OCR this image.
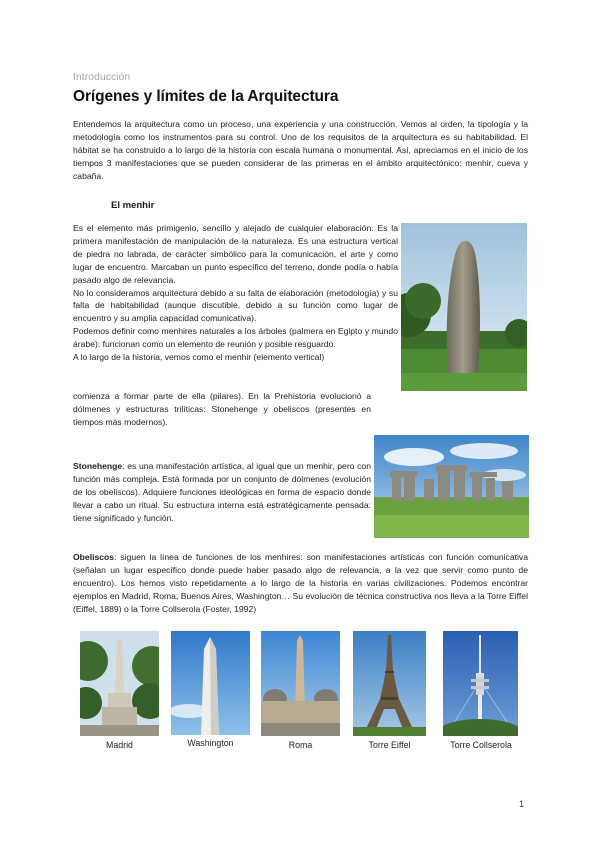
Introducción
Orígenes y límites de la Arquitectura

Entendemos la arquitectura como un proceso, una experiencia y una construcción. Vemos al orden, la tipología y la metodología como los instrumentos para su control. Uno de los requisitos de la arquitectura es su habitabilidad. El hábitat se ha construido a lo largo de la historia con escala humana o monumental. Así, apreciamos en el inicio de los tiempos 3 manifestaciones que se pueden considerar de las primeras en el ámbito arquitectónico: menhir, cueva y cabaña.

El menhir

Es el elemento más primigenio, sencillo y alejado de cualquier elaboración. Es la primera manifestación de manipulación de la naturaleza. Es una estructura vertical de piedra no labrada, de carácter simbólico para la comunicación, el arte y como lugar de encuentro. Marcaban un punto específico del terreno, donde podía o había pasado algo de relevancia.

No lo consideramos arquitectura debido a su falta de elaboración (metodología) y su falta de habitabilidad (aunque discutible, debido a su función como lugar de encuentro y su amplia capacidad comunicativa).

Podemos definir como menhires naturales a los árboles (palmera en Egipto y mundo árabe): funcionan como un elemento de reunión y posible resguardo.

A lo largo de la historia, vemos como el menhir (elemento vertical)

comienza a formar parte de ella (pilares). En la Prehistoria evolucionó a dólmenes y estructuras trilíticas: Stonehenge y obeliscos (presentes en tiempos más modernos).

Stonehenge: es una manifestación artística, al igual que un menhir, pero con función más compleja. Está formada por un conjunto de dólmenes (evolución de los obeliscos). Adquiere funciones ideológicas en forma de espacio donde llevar a cabo un ritual. Su estructura interna está estratégicamente pensada: tiene significado y función.

Obeliscos: siguen la línea de funciones de los menhires: son manifestaciones artísticas con función comunicativa (señalan un lugar específico donde puede haber pasado algo de relevancia, a la vez que servir como punto de encuentro). Los hemos visto repetidamente a lo largo de la historia en varias civilizaciones. Podemos encontrar ejemplos en Madrid, Roma, Buenos Aires, Washington… Su evolución de técnica constructiva nos lleva a la Torre Eiffel (Eiffel, 1889) o la Torre Collserola (Foster, 1992)

Madrid	Washington	Roma	Torre Eiffel	Torre Collserola
1
